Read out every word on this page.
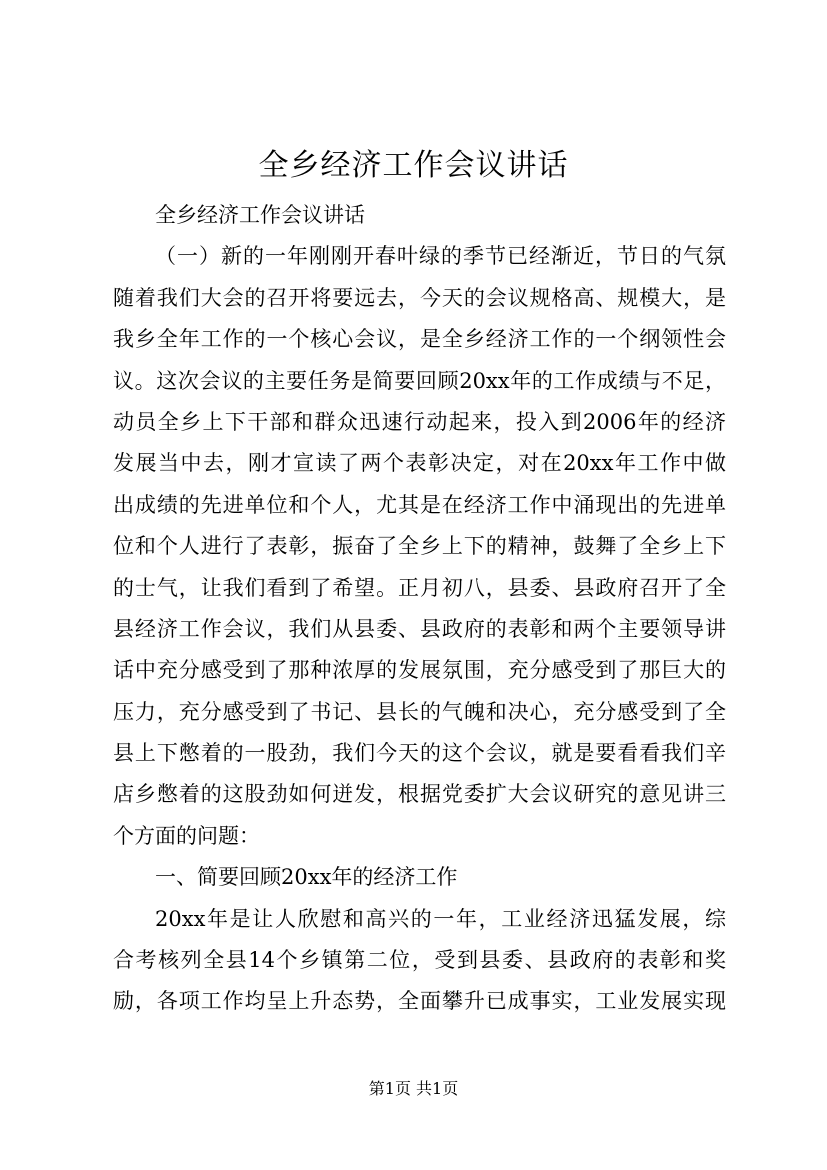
全乡经济工作会议讲话
全乡经济工作会议讲话
（一）新的一年刚刚开春叶绿的季节已经渐近，节日的气氛
随着我们大会的召开将要远去，今天的会议规格高、规模大，是
我乡全年工作的一个核心会议，是全乡经济工作的一个纲领性会
议。这次会议的主要任务是简要回顾20xx年的工作成绩与不足，
动员全乡上下干部和群众迅速行动起来，投入到2006年的经济
发展当中去，刚才宣读了两个表彰决定，对在20xx年工作中做
出成绩的先进单位和个人，尤其是在经济工作中涌现出的先进单
位和个人进行了表彰，振奋了全乡上下的精神，鼓舞了全乡上下
的士气，让我们看到了希望。正月初八，县委、县政府召开了全
县经济工作会议，我们从县委、县政府的表彰和两个主要领导讲
话中充分感受到了那种浓厚的发展氛围，充分感受到了那巨大的
压力，充分感受到了书记、县长的气魄和决心，充分感受到了全
县上下憋着的一股劲，我们今天的这个会议，就是要看看我们辛
店乡憋着的这股劲如何迸发，根据党委扩大会议研究的意见讲三
个方面的问题：
一、简要回顾20xx年的经济工作
20xx年是让人欣慰和高兴的一年，工业经济迅猛发展，综
合考核列全县14个乡镇第二位，受到县委、县政府的表彰和奖
励，各项工作均呈上升态势，全面攀升已成事实，工业发展实现
第1页 共1页
